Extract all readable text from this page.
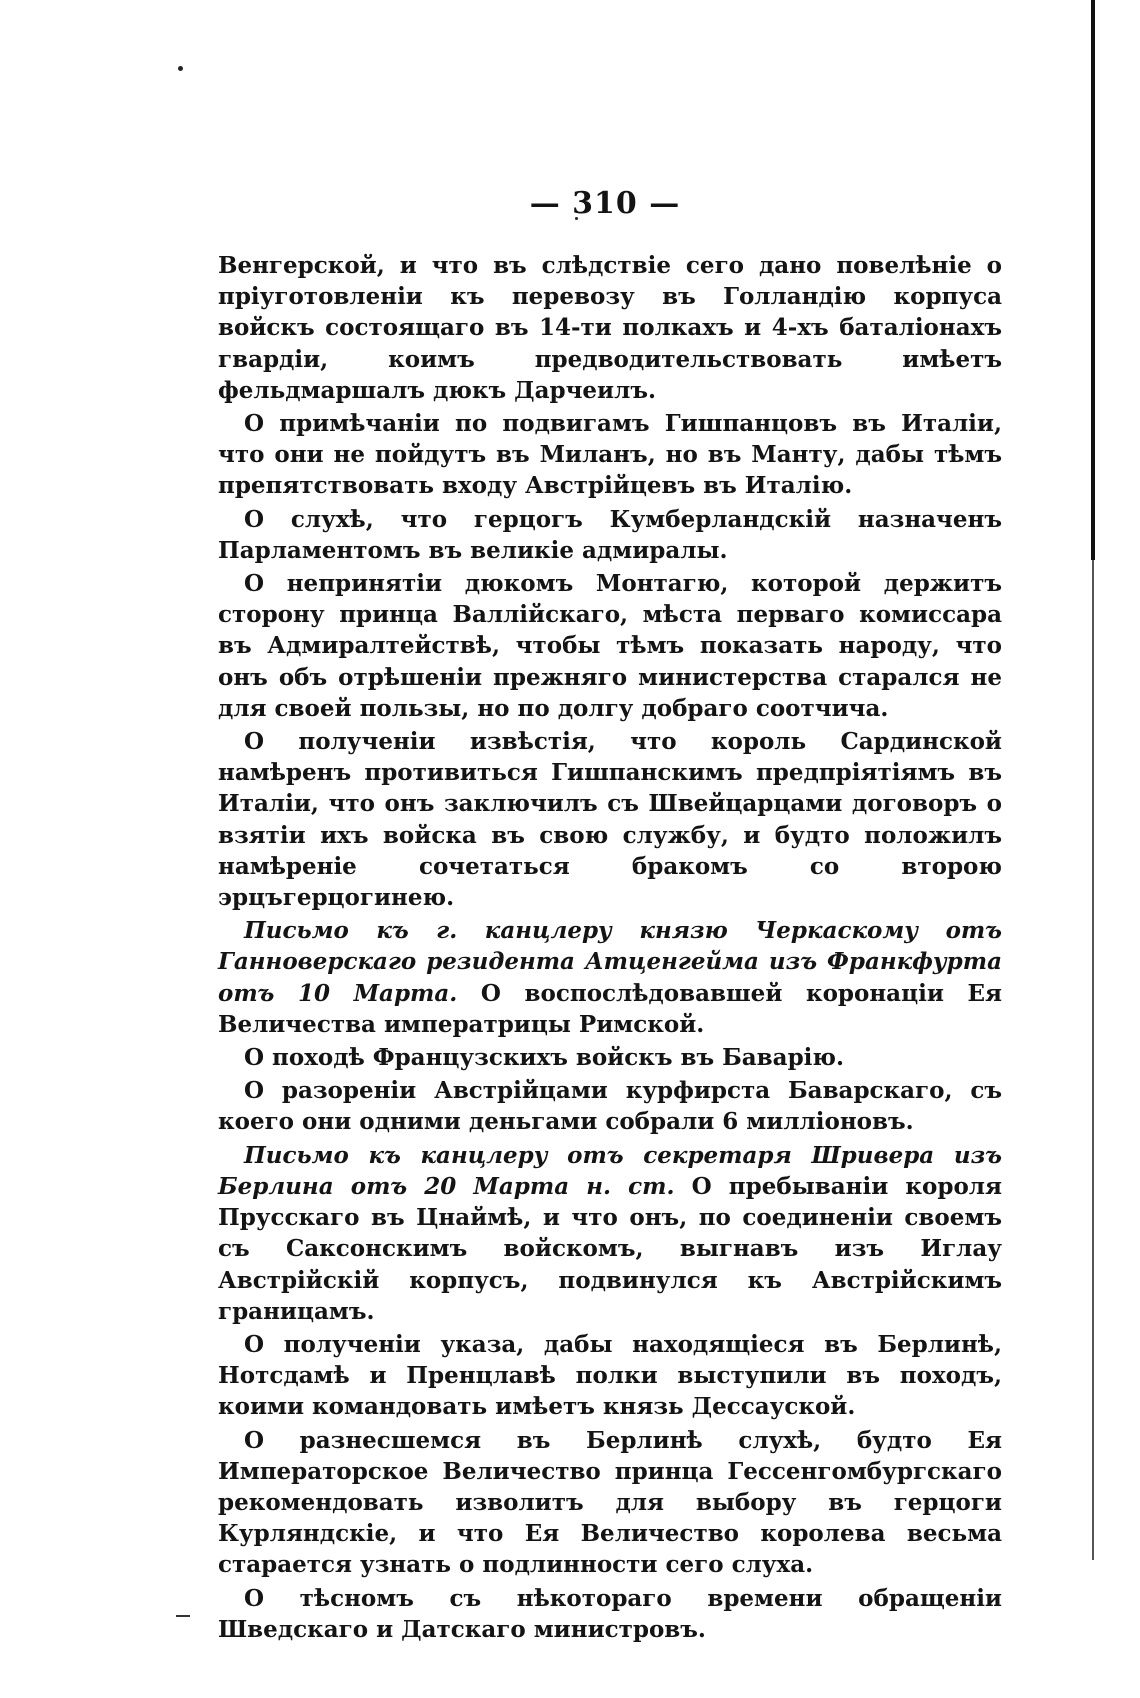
— 310 —

Венгерской, и что въ слѣдствiе сего дано повелѣнiе о прiуготовленiи къ перевозу въ Голландiю корпуса войскъ состоящаго въ 14-ти полкахъ и 4-хъ баталiонахъ гвардiи, коимъ предводительствовать имѣетъ фельдмаршалъ дюкъ Дарчеилъ.

О примѣчанiи по подвигамъ Гишпанцовъ въ Италiи, что они не пойдутъ въ Миланъ, но въ Манту, дабы тѣмъ препятствовать входу Австрiйцевъ въ Италiю.

О слухѣ, что герцогъ Кумберландскiй назначенъ Парламентомъ въ великiе адмиралы.

О непринятiи дюкомъ Монтагю, которой держитъ сторону принца Валлiйскаго, мѣста перваго комиссара въ Адмиралтействѣ, чтобы тѣмъ показать народу, что онъ объ отрѣшенiи прежняго министерства старался не для своей пользы, но по долгу добраго соотчича.

О полученiи извѣстiя, что король Сардинской намѣренъ противиться Гишпанскимъ предпрiятiямъ въ Италiи, что онъ заключилъ съ Швейцарцами договоръ о взятiи ихъ войска въ свою службу, и будто положилъ намѣренiе сочетаться бракомъ со второю эрцъгерцогинею.

Письмо къ г. канцлеру князю Черкаскому отъ Ганноверскаго резидента Атценгейма изъ Франкфурта отъ 10 Марта. О воспослѣдовавшей коронацiи Ея Величества императрицы Римской.

О походѣ Французскихъ войскъ въ Баварiю.

О разоренiи Австрiйцами курфирста Баварскаго, съ коего они одними деньгами собрали 6 миллiоновъ.

Письмо къ канцлеру отъ секретаря Шривера изъ Берлина отъ 20 Марта н. ст. О пребыванiи короля Прусскаго въ Цнаймѣ, и что онъ, по соединенiи своемъ съ Саксонскимъ войскомъ, выгнавъ изъ Иглау Австрiйскiй корпусъ, подвинулся къ Австрiйскимъ границамъ.

О полученiи указа, дабы находящiеся въ Берлинѣ, Нотсдамѣ и Пренцлавѣ полки выступили въ походъ, коими командовать имѣетъ князь Дессауской.

О разнесшемся въ Берлинѣ слухѣ, будто Ея Императорское Величество принца Гессенгомбургскаго рекомендовать изволитъ для выбору въ герцоги Курляндскiе, и что Ея Величество королева весьма старается узнать о подлинности сего слуха.

О тѣсномъ съ нѣкотораго времени обращенiи Шведскаго и Датскаго министровъ.
